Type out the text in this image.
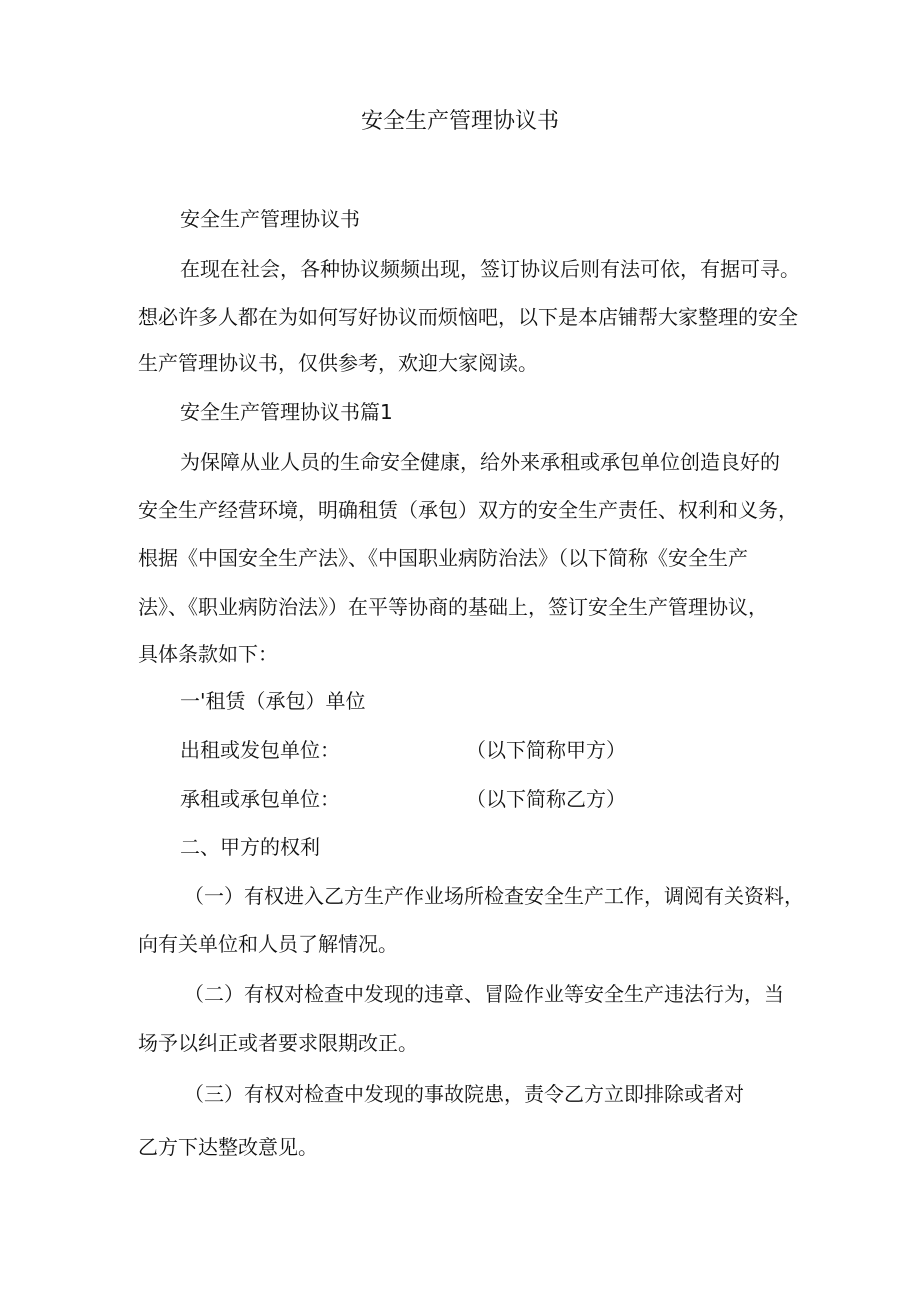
安全生产管理协议书
安全生产管理协议书
在现在社会，各种协议频频出现，签订协议后则有法可依，有据可寻。
想必许多人都在为如何写好协议而烦恼吧，以下是本店铺帮大家整理的安全
生产管理协议书，仅供参考，欢迎大家阅读。
安全生产管理协议书篇1
为保障从业人员的生命安全健康，给外来承租或承包单位创造良好的
安全生产经营环境，明确租赁（承包）双方的安全生产责任、权利和义务，
根据《中国安全生产法》、《中国职业病防治法》（以下简称《安全生产
法》、《职业病防治法》）在平等协商的基础上，签订安全生产管理协议，
具体条款如下：
一'租赁（承包）单位
出租或发包单位：	（以下简称甲方）
承租或承包单位：	（以下简称乙方）
二、甲方的权利
（一）有权进入乙方生产作业场所检查安全生产工作，调阅有关资料，
向有关单位和人员了解情况。
（二）有权对检查中发现的违章、冒险作业等安全生产违法行为，当
场予以纠正或者要求限期改正。
（三）有权对检查中发现的事故院患，责令乙方立即排除或者对
乙方下达整改意见。
